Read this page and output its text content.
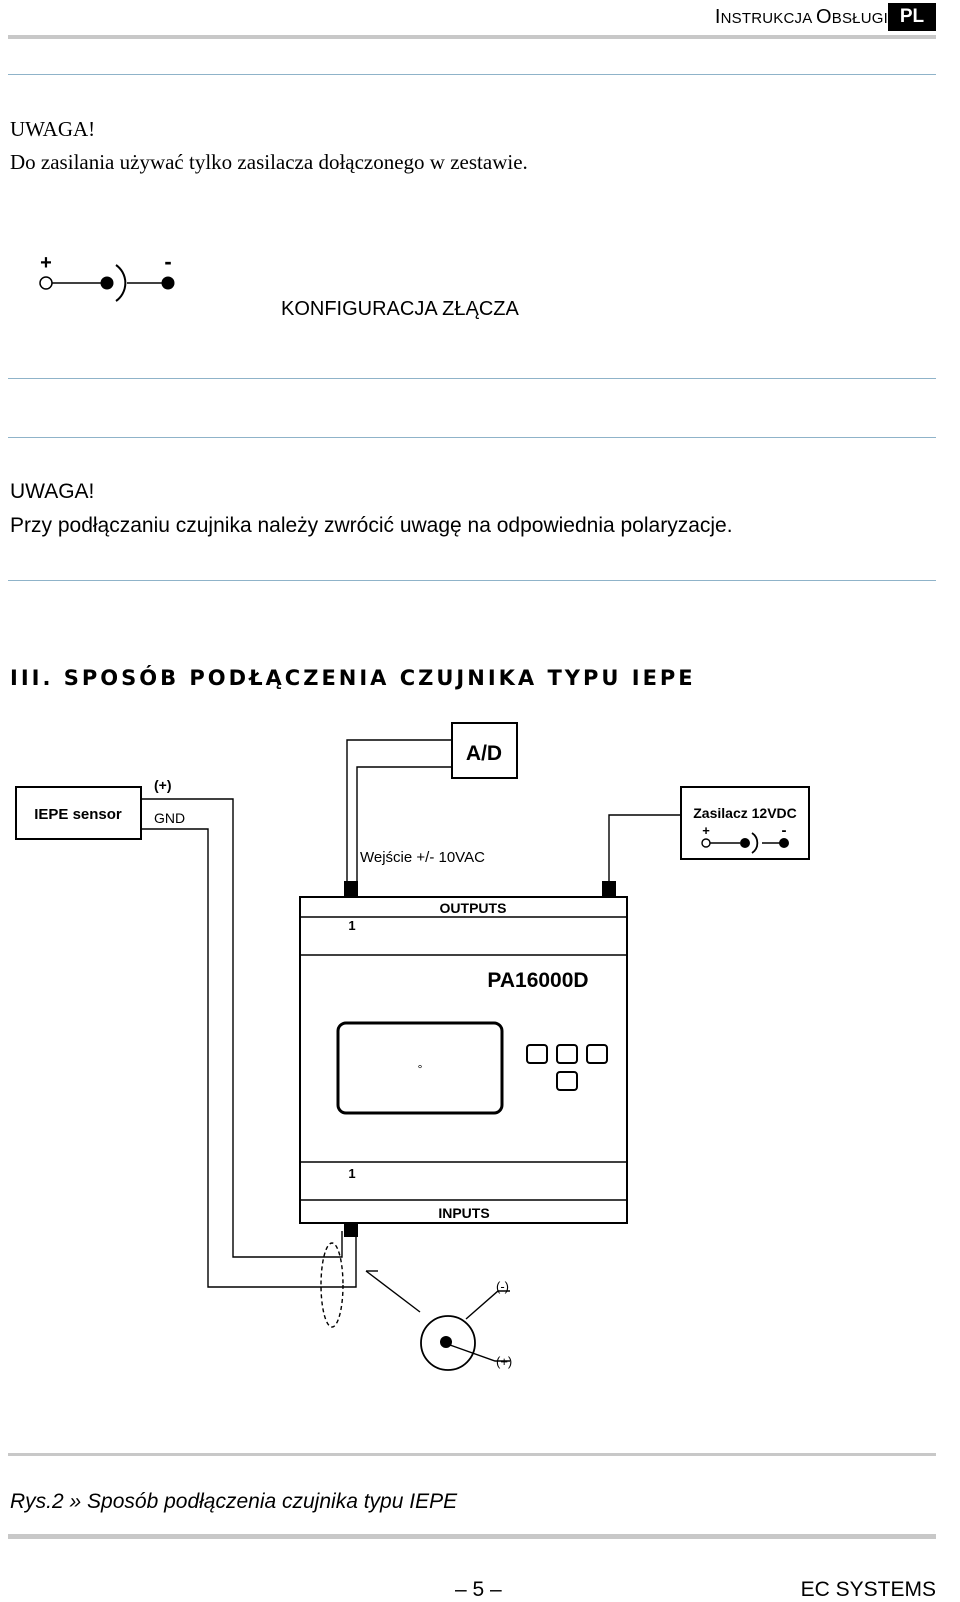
INSTRUKCJA OBSŁUGI PL
UWAGA!
Do zasilania używać tylko zasilacza dołączonego w zestawie.
+	-
KONFIGURACJA ZŁĄCZA
UWAGA!
Przy podłączaniu czujnika należy zwrócić uwagę na odpowiednia polaryzacje.
III. SPOSÓB PODŁĄCZENIA CZUJNIKA TYPU IEPE
A/D
IEPE sensor
(+)
GND	Zasilacz 12VDC
+	-
Wejście +/- 10VAC
OUTPUTS
1
PA16000D
°
1
INPUTS
(-)
(+)
Rys.2 » Sposób podłączenia czujnika typu IEPE
– 5 –	EC SYSTEMS
